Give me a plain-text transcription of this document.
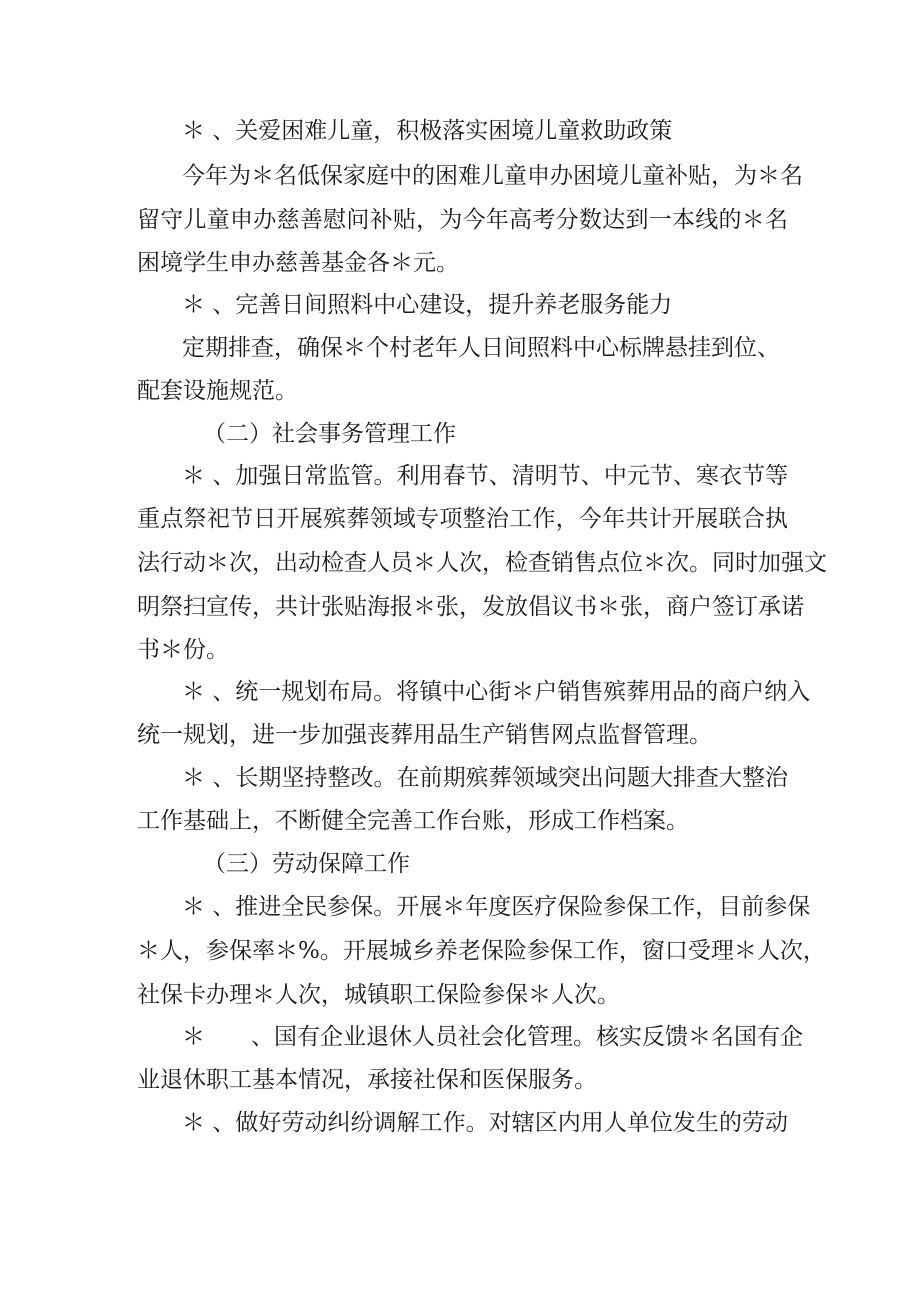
＊ 、关爱困难儿童，积极落实困境儿童救助政策
今年为＊名低保家庭中的困难儿童申办困境儿童补贴，为＊名
留守儿童申办慈善慰问补贴，为今年高考分数达到一本线的＊名
困境学生申办慈善基金各＊元。
＊ 、完善日间照料中心建设，提升养老服务能力
定期排查，确保＊个村老年人日间照料中心标牌悬挂到位、
配套设施规范。
（二）社会事务管理工作
＊ 、加强日常监管。利用春节、清明节、中元节、寒衣节等
重点祭祀节日开展殡葬领域专项整治工作，今年共计开展联合执
法行动＊次，出动检查人员＊人次，检查销售点位＊次。同时加强文
明祭扫宣传，共计张贴海报＊张，发放倡议书＊张，商户签订承诺
书＊份。
＊ 、统一规划布局。将镇中心街＊户销售殡葬用品的商户纳入
统一规划，进一步加强丧葬用品生产销售网点监督管理。
＊ 、长期坚持整改。在前期殡葬领域突出问题大排查大整治
工作基础上，不断健全完善工作台账，形成工作档案。
（三）劳动保障工作
＊ 、推进全民参保。开展＊年度医疗保险参保工作，目前参保
＊人，参保率＊%。开展城乡养老保险参保工作，窗口受理＊人次，
社保卡办理＊人次，城镇职工保险参保＊人次。
＊　　、国有企业退休人员社会化管理。核实反馈＊名国有企
业退休职工基本情况，承接社保和医保服务。
＊ 、做好劳动纠纷调解工作。对辖区内用人单位发生的劳动
